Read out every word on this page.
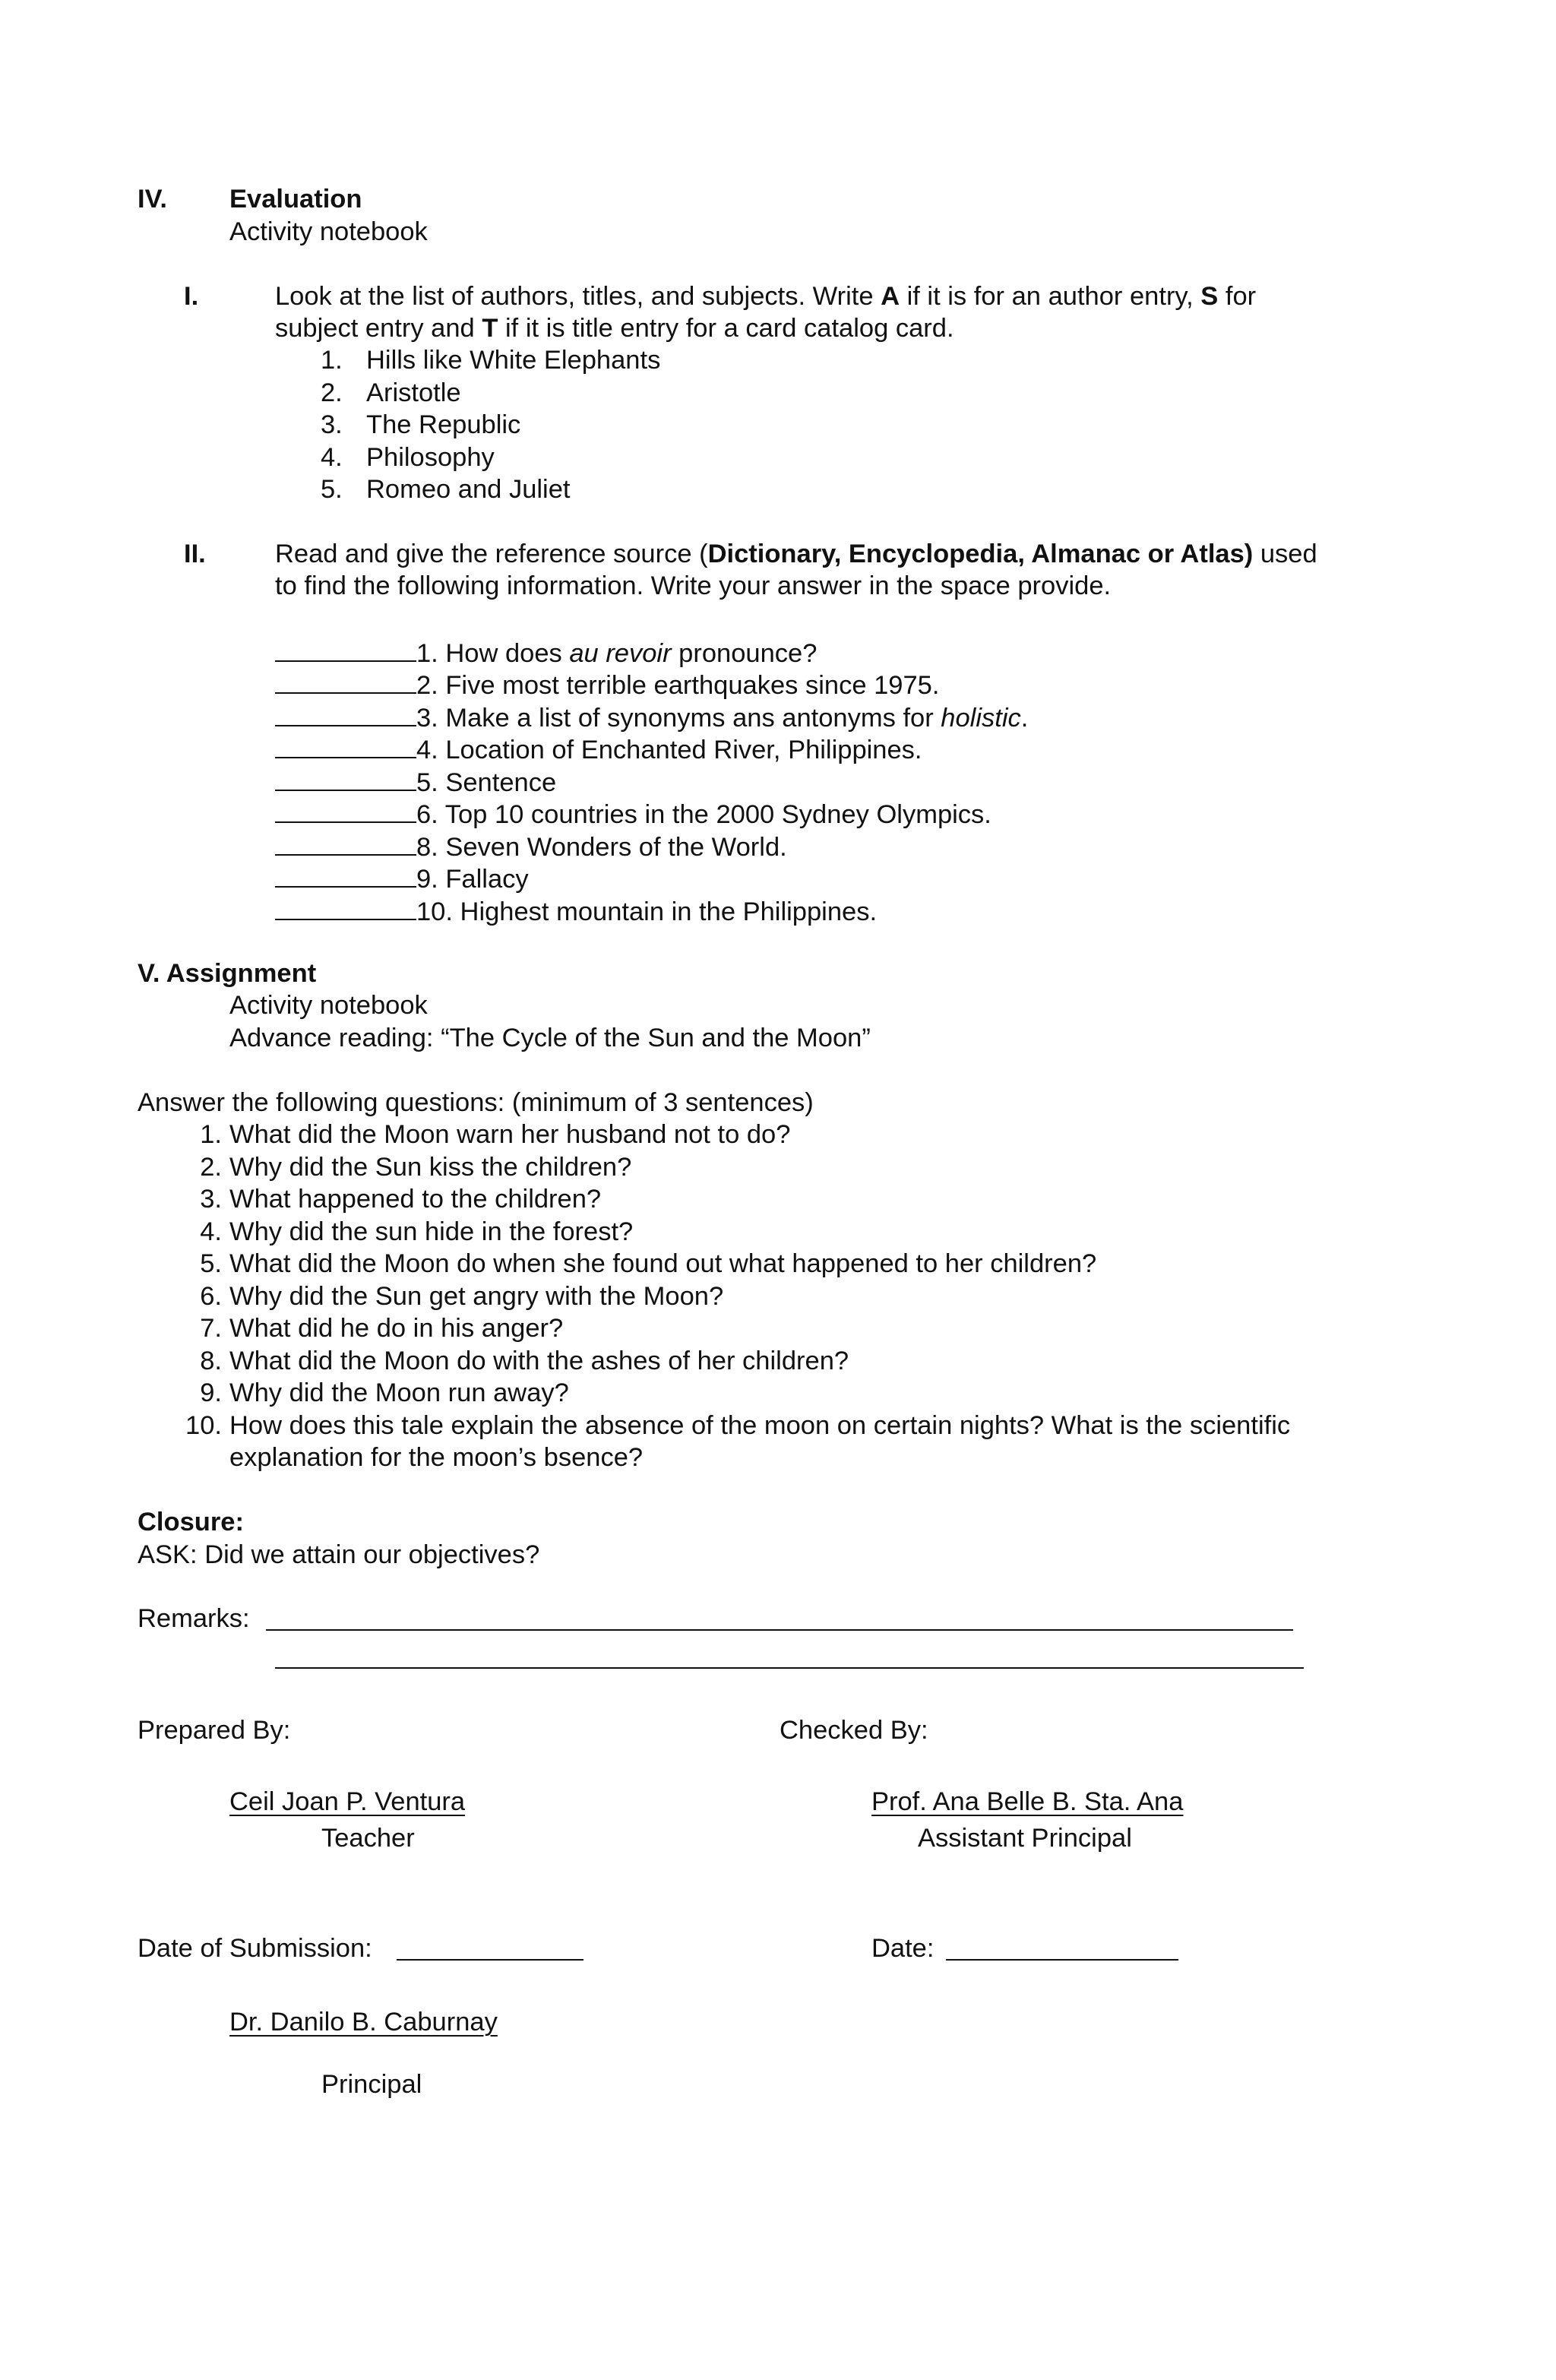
IV. Evaluation
Activity notebook
I.	Look at the list of authors, titles, and subjects. Write A if it is for an author entry, S for
subject entry and T if it is title entry for a card catalog card.
1. Hills like White Elephants
2. Aristotle
3. The Republic
4. Philosophy
5. Romeo and Juliet
II.	Read and give the reference source (Dictionary, Encyclopedia, Almanac or Atlas) used
to find the following information. Write your answer in the space provide.
1. How does au revoir pronounce?
2. Five most terrible earthquakes since 1975.
3. Make a list of synonyms ans antonyms for holistic.
4. Location of Enchanted River, Philippines.
5. Sentence
6. Top 10 countries in the 2000 Sydney Olympics.
8. Seven Wonders of the World.
9. Fallacy
10. Highest mountain in the Philippines.
V. Assignment
Activity notebook
Advance reading: “The Cycle of the Sun and the Moon”
Answer the following questions: (minimum of 3 sentences)
1. What did the Moon warn her husband not to do?
2. Why did the Sun kiss the children?
3. What happened to the children?
4. Why did the sun hide in the forest?
5. What did the Moon do when she found out what happened to her children?
6. Why did the Sun get angry with the Moon?
7. What did he do in his anger?
8. What did the Moon do with the ashes of her children?
9. Why did the Moon run away?
10. How does this tale explain the absence of the moon on certain nights? What is the scientific
explanation for the moon’s bsence?
Closure:
ASK: Did we attain our objectives?
Remarks:
Prepared By:	Checked By:
Ceil Joan P. Ventura	Prof. Ana Belle B. Sta. Ana
Teacher	Assistant Principal
Date of Submission:	Date:
Dr. Danilo B. Caburnay
Principal
